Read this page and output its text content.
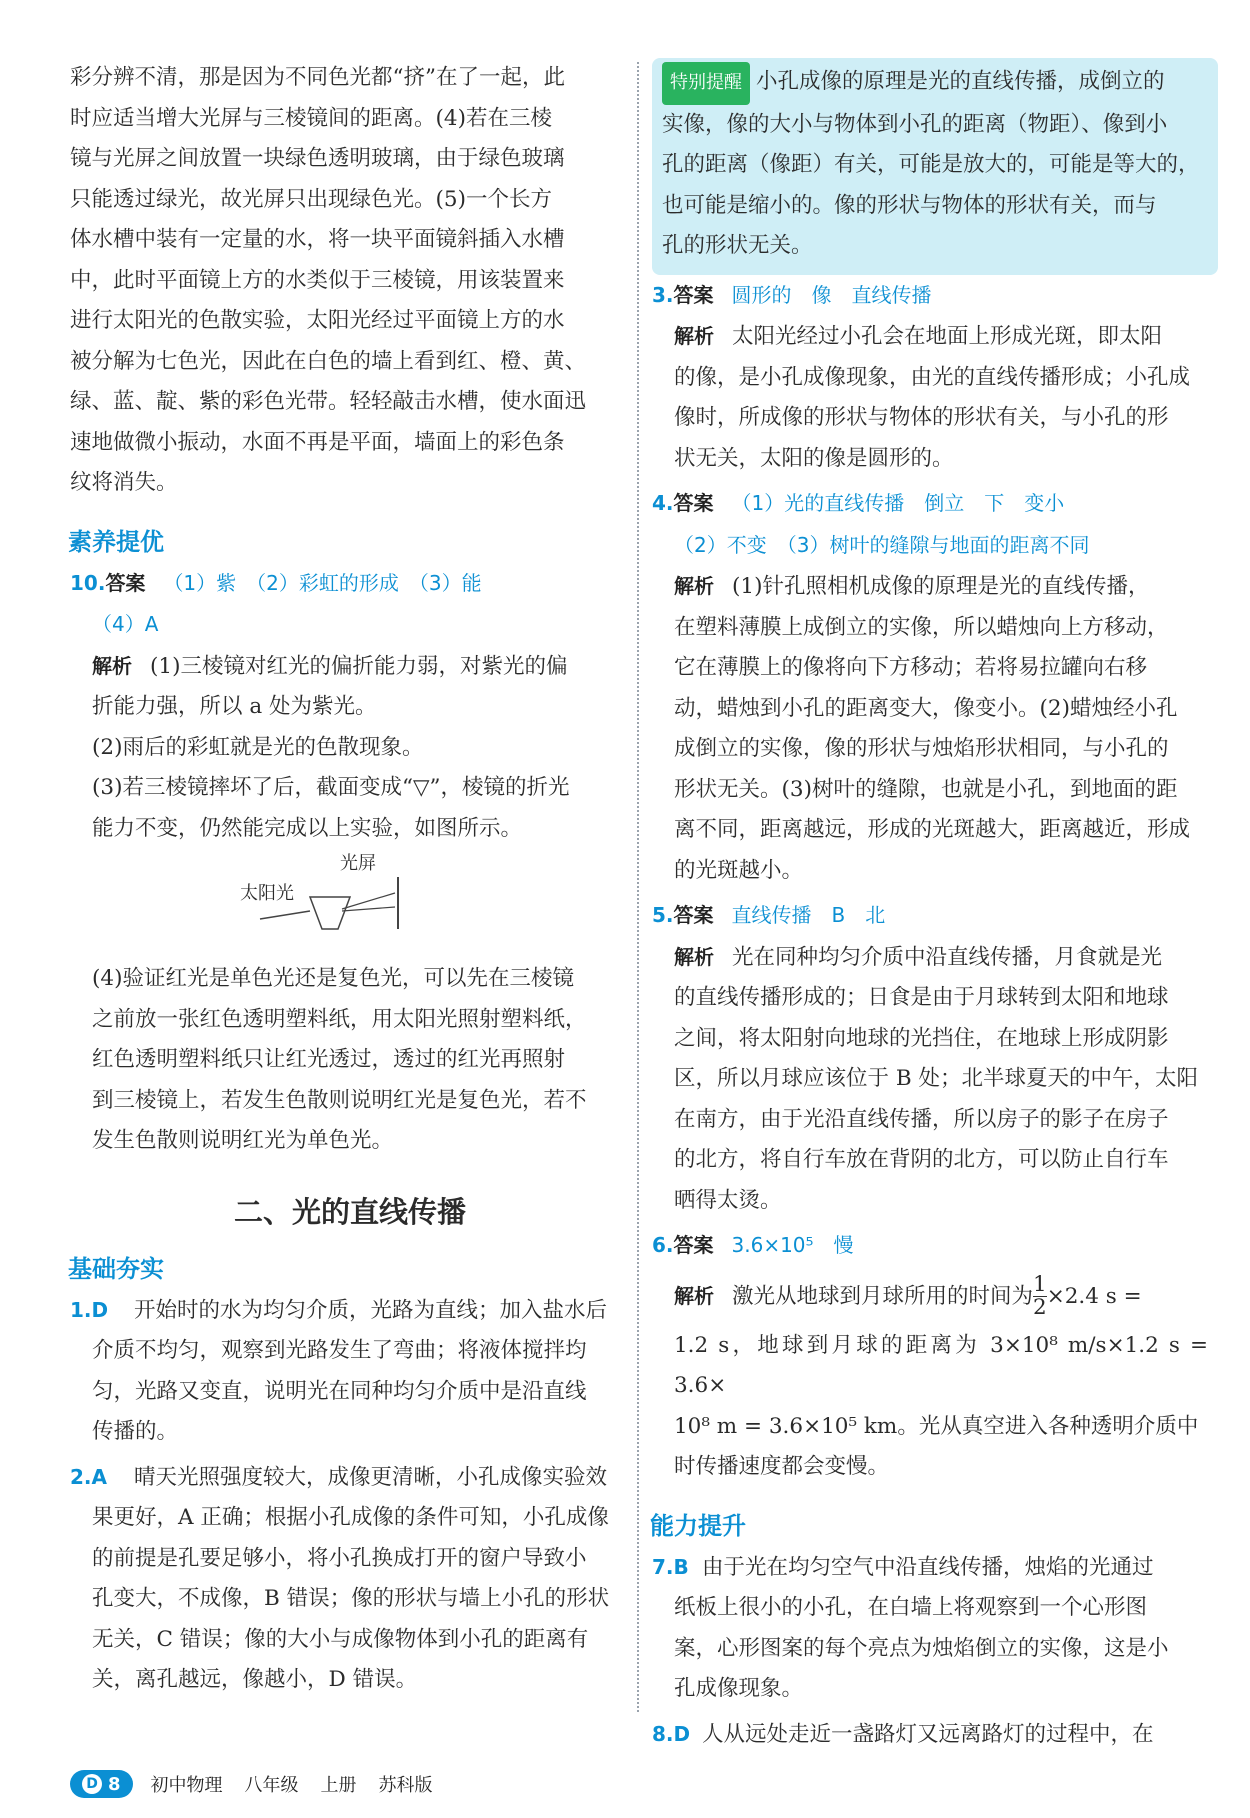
彩分辨不清，那是因为不同色光都“挤”在了一起，此

时应适当增大光屏与三棱镜间的距离。(4)若在三棱

镜与光屏之间放置一块绿色透明玻璃，由于绿色玻璃

只能透过绿光，故光屏只出现绿色光。(5)一个长方

体水槽中装有一定量的水，将一块平面镜斜插入水槽

中，此时平面镜上方的水类似于三棱镜，用该装置来

进行太阳光的色散实验，太阳光经过平面镜上方的水

被分解为七色光，因此在白色的墙上看到红、橙、黄、

绿、蓝、靛、紫的彩色光带。轻轻敲击水槽，使水面迅

速地做微小振动，水面不再是平面，墙面上的彩色条

纹将消失。

素养提优

10.答案 （1）紫　（2）彩虹的形成　（3）能

（4）A

解析 (1)三棱镜对红光的偏折能力弱，对紫光的偏

折能力强，所以 a 处为紫光。

(2)雨后的彩虹就是光的色散现象。

(3)若三棱镜摔坏了后，截面变成“▽”，棱镜的折光

能力不变，仍然能完成以上实验，如图所示。

光屏
太阳光

(4)验证红光是单色光还是复色光，可以先在三棱镜

之前放一张红色透明塑料纸，用太阳光照射塑料纸，

红色透明塑料纸只让红光透过，透过的红光再照射

到三棱镜上，若发生色散则说明红光是复色光，若不

发生色散则说明红光为单色光。

二、光的直线传播
基础夯实

1.D 开始时的水为均匀介质，光路为直线；加入盐水后

介质不均匀，观察到光路发生了弯曲；将液体搅拌均

匀，光路又变直，说明光在同种均匀介质中是沿直线

传播的。

2.A 晴天光照强度较大，成像更清晰，小孔成像实验效

果更好，A 正确；根据小孔成像的条件可知，小孔成像

的前提是孔要足够小，将小孔换成打开的窗户导致小

孔变大，不成像，B 错误；像的形状与墙上小孔的形状

无关，C 错误；像的大小与成像物体到小孔的距离有

关，离孔越远，像越小，D 错误。

特别提醒 小孔成像的原理是光的直线传播，成倒立的

实像，像的大小与物体到小孔的距离（物距）、像到小

孔的距离（像距）有关，可能是放大的，可能是等大的，

也可能是缩小的。像的形状与物体的形状有关，而与

孔的形状无关。

3.答案 圆形的　像　直线传播

解析 太阳光经过小孔会在地面上形成光斑，即太阳

的像，是小孔成像现象，由光的直线传播形成；小孔成

像时，所成像的形状与物体的形状有关，与小孔的形

状无关，太阳的像是圆形的。

4.答案 （1）光的直线传播　倒立　下　变小

（2）不变　（3）树叶的缝隙与地面的距离不同

解析 (1)针孔照相机成像的原理是光的直线传播，

在塑料薄膜上成倒立的实像，所以蜡烛向上方移动，

它在薄膜上的像将向下方移动；若将易拉罐向右移

动，蜡烛到小孔的距离变大，像变小。(2)蜡烛经小孔

成倒立的实像，像的形状与烛焰形状相同，与小孔的

形状无关。(3)树叶的缝隙，也就是小孔，到地面的距

离不同，距离越远，形成的光斑越大，距离越近，形成

的光斑越小。

5.答案 直线传播　B　北

解析 光在同种均匀介质中沿直线传播，月食就是光

的直线传播形成的；日食是由于月球转到太阳和地球

之间，将太阳射向地球的光挡住，在地球上形成阴影

区，所以月球应该位于 B 处；北半球夏天的中午，太阳

在南方，由于光沿直线传播，所以房子的影子在房子

的北方，将自行车放在背阴的北方，可以防止自行车

晒得太烫。

6.答案 3.6×10⁵　慢

解析 激光从地球到月球所用的时间为 $\frac{1}{2} \times 2.4$ s =

1.2 s，地球到月球的距离为 3×10⁸ m/s×1.2 s = 3.6×

10⁸ m = 3.6×10⁵ km。光从真空进入各种透明介质中

时传播速度都会变慢。

能力提升

7.B 由于光在均匀空气中沿直线传播，烛焰的光通过

纸板上很小的小孔，在白墙上将观察到一个心形图

案，心形图案的每个亮点为烛焰倒立的实像，这是小

孔成像现象。

8.D 人从远处走近一盏路灯又远离路灯的过程中，在

D 8 初中物理 八年级 上册 苏科版
